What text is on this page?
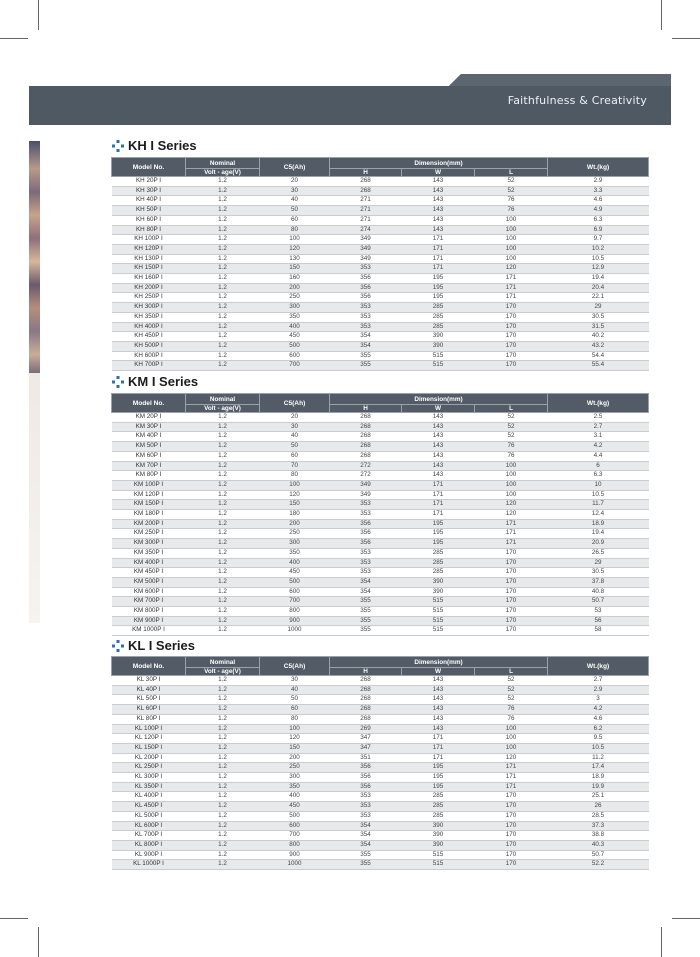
Faithfulness & Creativity
KH I Series
Model No.	Nominal	C5(Ah)	Dimension(mm)			Wt.(kg)
	Volt - age(V)		H	W	L	
KH 20P I	1.2	20	268	143	52	2.9
KH 30P I	1.2	30	268	143	52	3.3
KH 40P I	1.2	40	271	143	76	4.6
KH 50P I	1.2	50	271	143	76	4.9
KH 60P I	1.2	60	271	143	100	6.3
KH 80P I	1.2	80	274	143	100	6.9
KH 100P I	1.2	100	349	171	100	9.7
KH 120P I	1.2	120	349	171	100	10.2
KH 130P I	1.2	130	349	171	100	10.5
KH 150P I	1.2	150	353	171	120	12.9
KH 160P I	1.2	160	356	195	171	19.4
KH 200P I	1.2	200	356	195	171	20.4
KH 250P I	1.2	250	356	195	171	22.1
KH 300P I	1.2	300	353	285	170	29
KH 350P I	1.2	350	353	285	170	30.5
KH 400P I	1.2	400	353	285	170	31.5
KH 450P I	1.2	450	354	390	170	40.2
KH 500P I	1.2	500	354	390	170	43.2
KH 600P I	1.2	600	355	515	170	54.4
KH 700P I	1.2	700	355	515	170	55.4
KM I Series
Model No.	Nominal	C5(Ah)	Dimension(mm)			Wt.(kg)
	Volt - age(V)		H	W	L	
KM 20P I	1.2	20	268	143	52	2.5
KM 30P I	1.2	30	268	143	52	2.7
KM 40P I	1.2	40	268	143	52	3.1
KM 50P I	1.2	50	268	143	76	4.2
KM 60P I	1.2	60	268	143	76	4.4
KM 70P I	1.2	70	272	143	100	6
KM 80P I	1.2	80	272	143	100	6.3
KM 100P I	1.2	100	349	171	100	10
KM 120P I	1.2	120	349	171	100	10.5
KM 150P I	1.2	150	353	171	120	11.7
KM 180P I	1.2	180	353	171	120	12.4
KM 200P I	1.2	200	356	195	171	18.9
KM 250P I	1.2	250	356	195	171	19.4
KM 300P I	1.2	300	356	195	171	20.9
KM 350P I	1.2	350	353	285	170	26.5
KM 400P I	1.2	400	353	285	170	29
KM 450P I	1.2	450	353	285	170	30.5
KM 500P I	1.2	500	354	390	170	37.8
KM 600P I	1.2	600	354	390	170	40.8
KM 700P I	1.2	700	355	515	170	50.7
KM 800P I	1.2	800	355	515	170	53
KM 900P I	1.2	900	355	515	170	56
KM 1000P I	1.2	1000	355	515	170	58
KL I Series
Model No.	Nominal	C5(Ah)	Dimension(mm)			Wt.(kg)
	Volt - age(V)		H	W	L	
KL 30P I	1.2	30	268	143	52	2.7
KL 40P I	1.2	40	268	143	52	2.9
KL 50P I	1.2	50	268	143	52	3
KL 60P I	1.2	60	268	143	76	4.2
KL 80P I	1.2	80	268	143	76	4.6
KL 100P I	1.2	100	269	143	100	6.2
KL 120P I	1.2	120	347	171	100	9.5
KL 150P I	1.2	150	347	171	100	10.5
KL 200P I	1.2	200	351	171	120	11.2
KL 250P I	1.2	250	356	195	171	17.4
KL 300P I	1.2	300	356	195	171	18.9
KL 350P I	1.2	350	356	195	171	19.9
KL 400P I	1.2	400	353	285	170	25.1
KL 450P I	1.2	450	353	285	170	26
KL 500P I	1.2	500	353	285	170	28.5
KL 600P I	1.2	600	354	390	170	37.3
KL 700P I	1.2	700	354	390	170	38.8
KL 800P I	1.2	800	354	390	170	40.3
KL 900P I	1.2	900	355	515	170	50.7
KL 1000P I	1.2	1000	355	515	170	52.2
